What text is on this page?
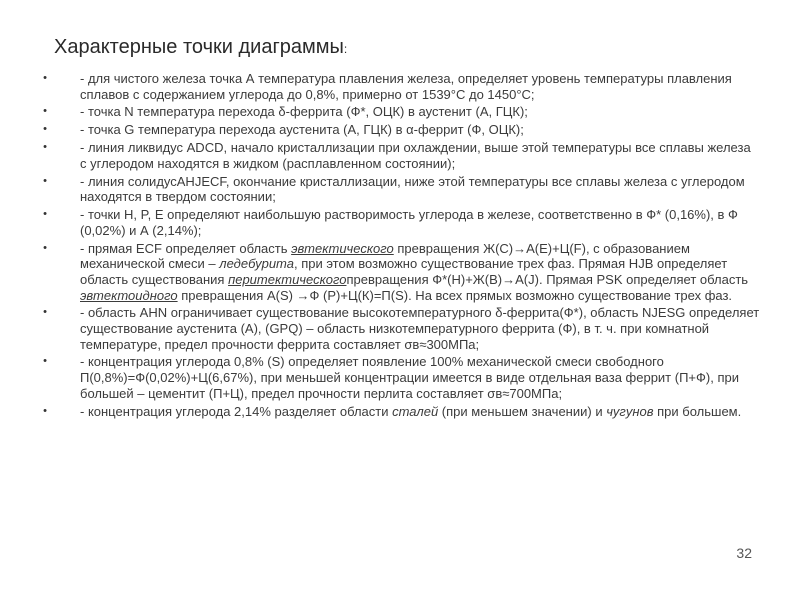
Характерные точки диаграммы:
•	- для чистого железа точка А температура плавления железа, определяет уровень температуры плавления сплавов с содержанием углерода до 0,8%, примерно от 1539°С до 1450°С;
•	- точка N температура перехода δ-феррита (Ф*, ОЦК) в аустенит (А, ГЦК);
•	- точка G температура перехода аустенита (А, ГЦК) в α-феррит (Ф, ОЦК);
•	- линия ликвидус ADCD, начало кристаллизации при охлаждении, выше этой температуры все сплавы железа с углеродом находятся в жидком (расплавленном состоянии);
•	- линия солидусAHJECF, окончание кристаллизации, ниже этой температуры все сплавы железа с углеродом находятся в твердом состоянии;
•	- точки H, P, E определяют наибольшую растворимость углерода в железе, соответственно в Ф* (0,16%), в Ф (0,02%) и А (2,14%);
•	- прямая ECF определяет область эвтектического превращения Ж(С)→А(Е)+Ц(F), с образованием механической смеси – ледебурита, при этом возможно существование трех фаз. Прямая HJB определяет область существования перитектическогопревращения Ф*(Н)+Ж(В)→А(J). Прямая PSK определяет область эвтектоидного превращения А(S) →Ф (Р)+Ц(К)=П(S). На всех прямых возможно существование трех фаз.
•	- область AHN ограничивает существование высокотемпературного δ-феррита(Ф*), область NJESG определяет существование аустенита (А), (GPQ) – область низкотемпературного феррита (Ф), в т. ч. при комнатной температуре, предел прочности феррита составляет σв≈300МПа;
•	- концентрация углерода 0,8% (S) определяет появление 100% механической смеси свободного П(0,8%)=Ф(0,02%)+Ц(6,67%), при меньшей концентрации имеется в виде отдельная ваза феррит (П+Ф), при большей – цементит (П+Ц), предел прочности перлита составляет σв≈700МПа;
•	- концентрация углерода 2,14% разделяет области сталей (при меньшем значении) и чугунов при большем.
32
